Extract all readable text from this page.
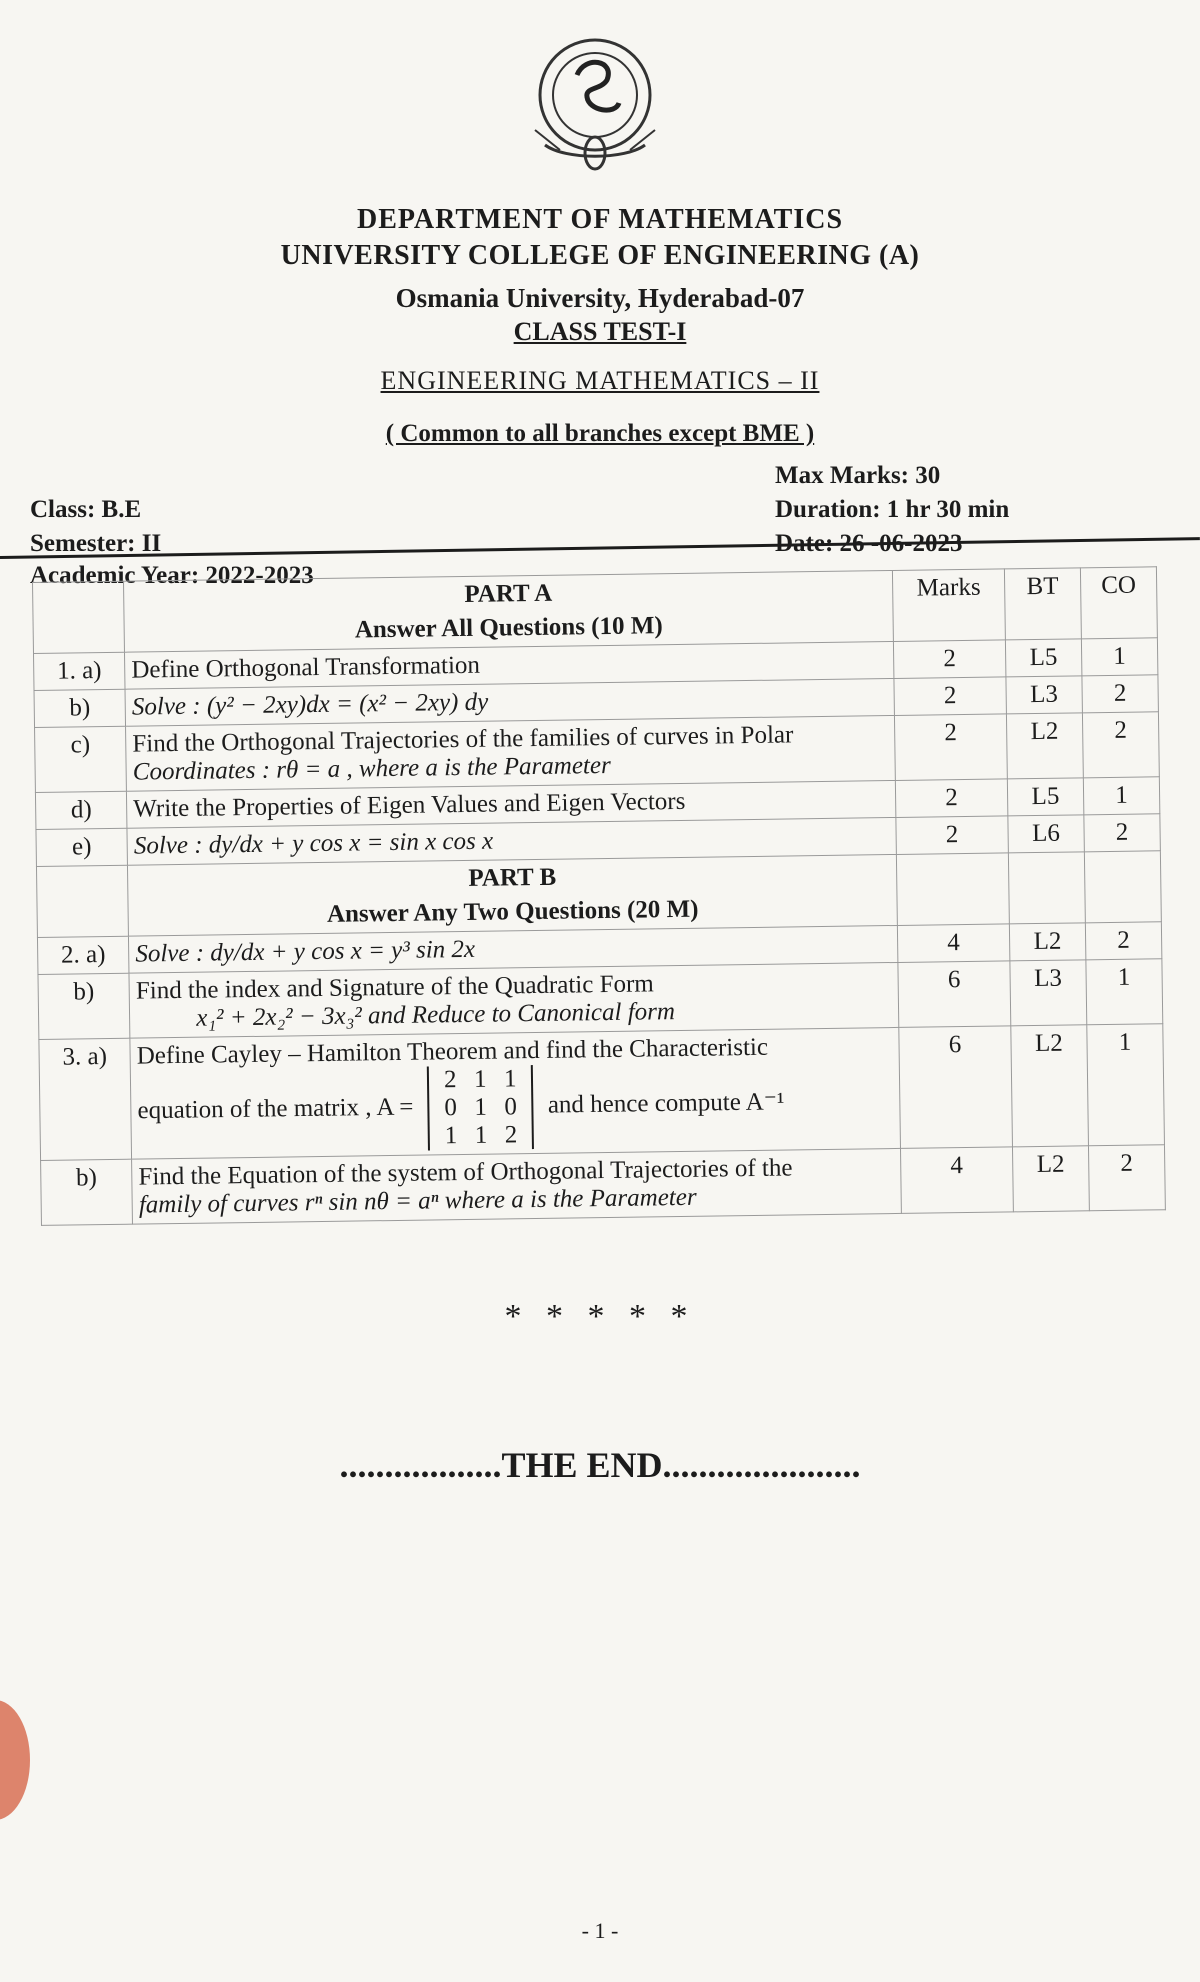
DEPARTMENT OF MATHEMATICS
UNIVERSITY COLLEGE OF ENGINEERING (A)
Osmania University, Hyderabad-07
CLASS TEST-I
ENGINEERING MATHEMATICS – II
( Common to all branches except BME )
Class: B.E
Semester: II
Academic Year: 2022-2023
Max Marks: 30
Duration: 1 hr 30 min
	PART A
Answer All Questions (10 M)	Marks	BT	CO
1. a)	Define Orthogonal Transformation	2	L5	1
b)	Solve : (y² − 2xy)dx = (x² − 2xy) dy	2	L3	2
c)	Find the Orthogonal Trajectories of the families of curves in Polar
Coordinates : rθ = a , where a is the Parameter	2	L2	2
d)	Write the Properties of Eigen Values and Eigen Vectors	2	L5	1
e)	Solve : dy/dx + y cos x = sin x cos x	2	L6	2
	PART B
Answer Any Two Questions (20 M)			

2. a)	Solve : dy/dx + y cos x = y³ sin 2x	4	L2	2
b)	Find the index and Signature of the Quadratic Form

x₁² + 2x₂² − 3x₃² and Reduce to Canonical form	6	L3	1
3. a)	Define Cayley – Hamilton Theorem and find the Characteristic
equation of the matrix , A = 2 1 1
0 1 0
1 1 2 and hence compute A⁻¹	6	L2	1
b)	Find the Equation of the system of Orthogonal Trajectories of the
family of curves rⁿ sin nθ = aⁿ where a is the Parameter	4	L2	2
* * * * *
..................THE END......................
- 1 -
